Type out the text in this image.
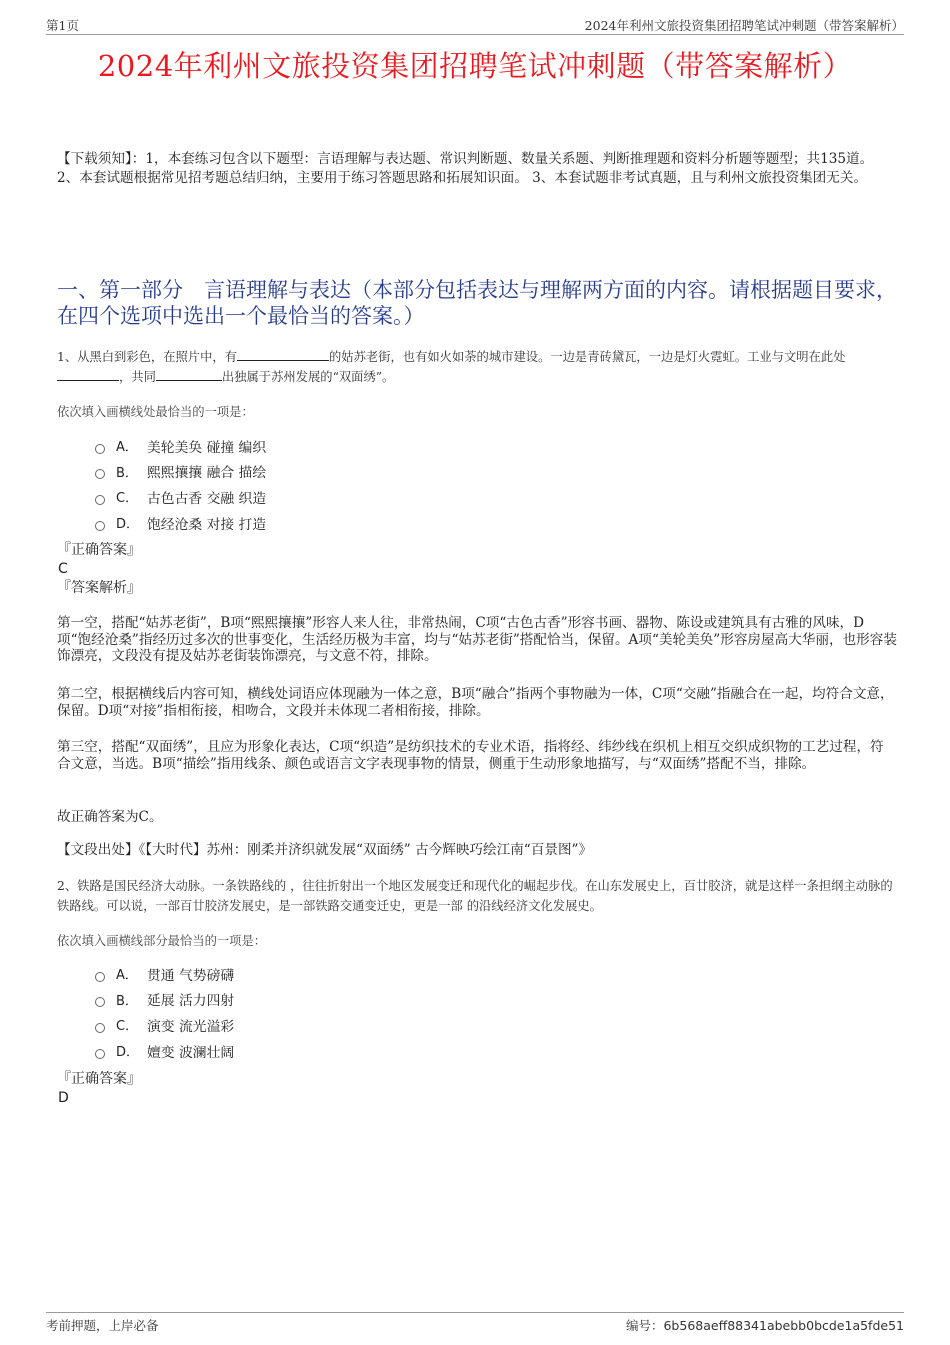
第1页	2024年利州文旅投资集团招聘笔试冲刺题（带答案解析）
2024年利州文旅投资集团招聘笔试冲刺题（带答案解析）
【下载须知】：1，本套练习包含以下题型：言语理解与表达题、常识判断题、数量关系题、判断推理题和资料分析题等题型；共135道。 2、本套试题根据常见招考题总结归纳，主要用于练习答题思路和拓展知识面。 3、本套试题非考试真题，且与利州文旅投资集团无关。
一、第一部分　言语理解与表达（本部分包括表达与理解两方面的内容。请根据题目要求，在四个选项中选出一个最恰当的答案。）
1、从黑白到彩色，在照片中，有	的姑苏老街，也有如火如荼的城市建设。一边是青砖黛瓦，一边是灯火霓虹。工业与文明在此处，共同	出独属于苏州发展的“双面绣”。
依次填入画横线处最恰当的一项是：
A． 美轮美奂 碰撞 编织
B． 熙熙攘攘 融合 描绘
C． 古色古香 交融 织造
D． 饱经沧桑 对接 打造
『正确答案』
C
『答案解析』
第一空，搭配“姑苏老街”，B项“熙熙攘攘”形容人来人往，非常热闹，C项“古色古香”形容书画、器物、陈设或建筑具有古雅的风味，D项“饱经沧桑”指经历过多次的世事变化，生活经历极为丰富，均与“姑苏老街”搭配恰当，保留。A项“美轮美奂”形容房屋高大华丽，也形容装饰漂亮，文段没有提及姑苏老街装饰漂亮，与文意不符，排除。
第二空，根据横线后内容可知，横线处词语应体现融为一体之意，B项“融合”指两个事物融为一体，C项“交融”指融合在一起，均符合文意，保留。D项“对接”指相衔接，相吻合，文段并未体现二者相衔接，排除。
第三空，搭配“双面绣”，且应为形象化表达，C项“织造”是纺织技术的专业术语，指将经、纬纱线在织机上相互交织成织物的工艺过程，符合文意，当选。B项“描绘”指用线条、颜色或语言文字表现事物的情景，侧重于生动形象地描写，与“双面绣”搭配不当，排除。
故正确答案为C。
【文段出处】《【大时代】苏州：刚柔并济织就发展“双面绣” 古今辉映巧绘江南“百景图”》
2、铁路是国民经济大动脉。一条铁路线的 ，往往折射出一个地区发展变迁和现代化的崛起步伐。在山东发展史上，百廿胶济，就是这样一条担纲主动脉的铁路线。可以说，一部百廿胶济发展史，是一部铁路交通变迁史，更是一部 的沿线经济文化发展史。
依次填入画横线部分最恰当的一项是：
A． 贯通 气势磅礴
B． 延展 活力四射
C． 演变 流光溢彩
D． 嬗变 波澜壮阔
『正确答案』
D
考前押题，上岸必备	编号：6b568aeff88341abebb0bcde1a5fde51
